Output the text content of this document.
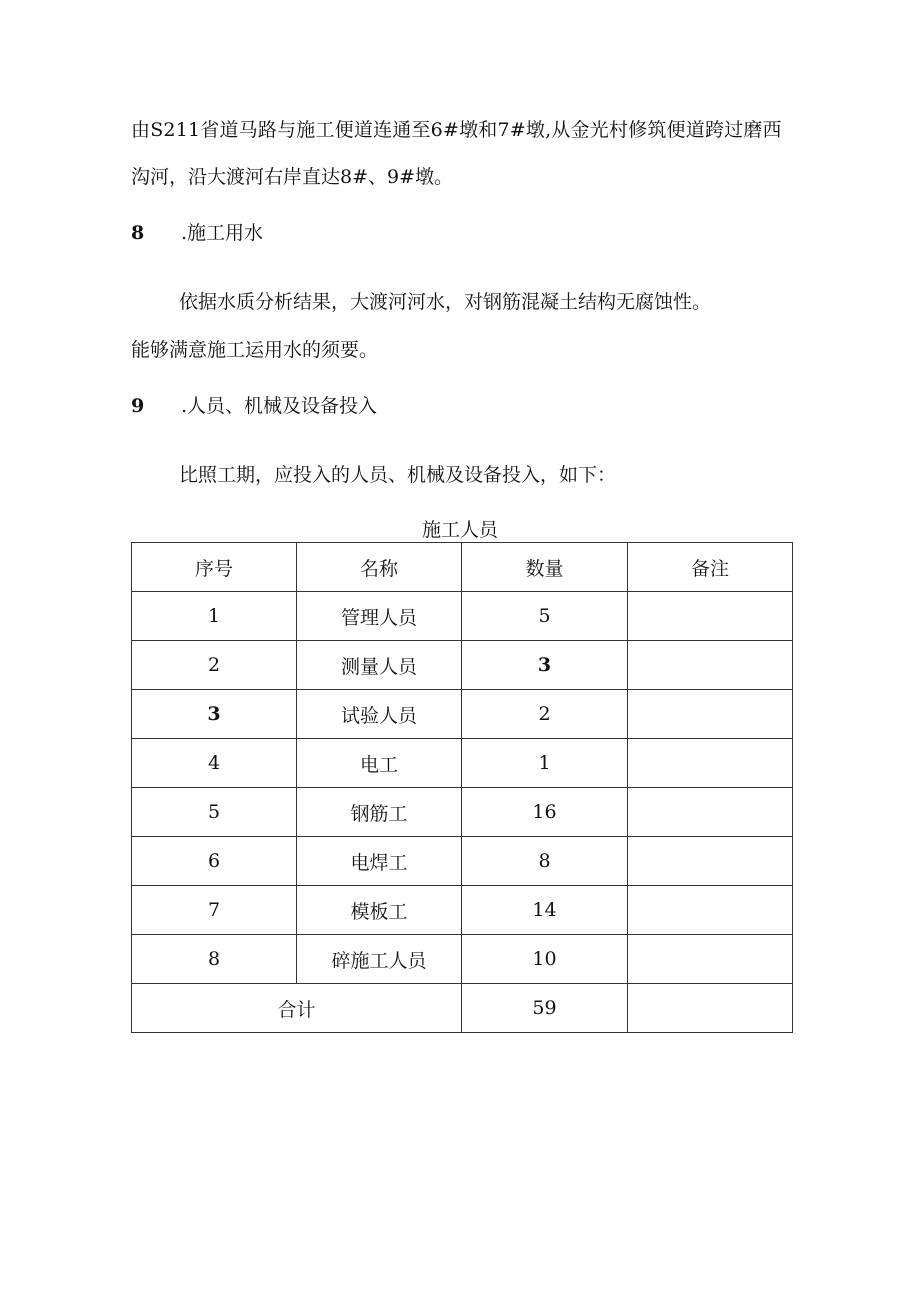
由S211省道马路与施工便道连通至6#墩和7#墩,从金光村修筑便道跨过磨西
沟河，沿大渡河右岸直达8#、9#墩。
8 .施工用水
依据水质分析结果，大渡河河水，对钢筋混凝土结构无腐蚀性。
能够满意施工运用水的须要。
9 .人员、机械及设备投入
比照工期，应投入的人员、机械及设备投入，如下：
施工人员
序号	名称	数量	备注
1	管理人员	5	
2	测量人员	3	
3	试验人员	2	
4	电工	1	
5	钢筋工	16	
6	电焊工	8	
7	模板工	14	
8	碎施工人员	10	
合计		59	
